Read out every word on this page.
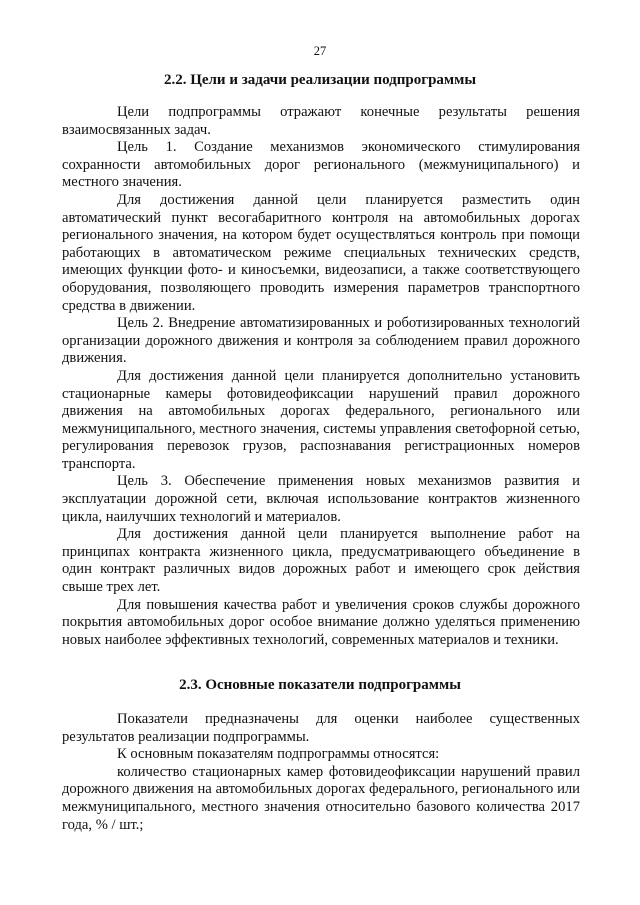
27
2.2. Цели и задачи реализации подпрограммы

Цели подпрограммы отражают конечные результаты решения взаимосвязанных задач.

Цель 1. Создание механизмов экономического стимулирования сохранности автомобильных дорог регионального (межмуниципального) и местного значения.

Для достижения данной цели планируется разместить один автоматический пункт весогабаритного контроля на автомобильных дорогах регионального значения, на котором будет осуществляться контроль при помощи работающих в автоматическом режиме специальных технических средств, имеющих функции фото- и киносъемки, видеозаписи, а также соответствующего оборудования, позволяющего проводить измерения параметров транспортного средства в движении.

Цель 2. Внедрение автоматизированных и роботизированных технологий организации дорожного движения и контроля за соблюдением правил дорожного движения.

Для достижения данной цели планируется дополнительно установить стационарные камеры фотовидеофиксации нарушений правил дорожного движения на автомобильных дорогах федерального, регионального или межмуниципального, местного значения, системы управления светофорной сетью, регулирования перевозок грузов, распознавания регистрационных номеров транспорта.

Цель 3. Обеспечение применения новых механизмов развития и эксплуатации дорожной сети, включая использование контрактов жизненного цикла, наилучших технологий и материалов.

Для достижения данной цели планируется выполнение работ на принципах контракта жизненного цикла, предусматривающего объединение в один контракт различных видов дорожных работ и имеющего срок действия свыше трех лет.

Для повышения качества работ и увеличения сроков службы дорожного покрытия автомобильных дорог особое внимание должно уделяться применению новых наиболее эффективных технологий, современных материалов и техники.

2.3. Основные показатели подпрограммы

Показатели предназначены для оценки наиболее существенных результатов реализации подпрограммы.

К основным показателям подпрограммы относятся:

количество стационарных камер фотовидеофиксации нарушений правил дорожного движения на автомобильных дорогах федерального, регионального или межмуниципального, местного значения относительно базового количества 2017 года, % / шт.;
